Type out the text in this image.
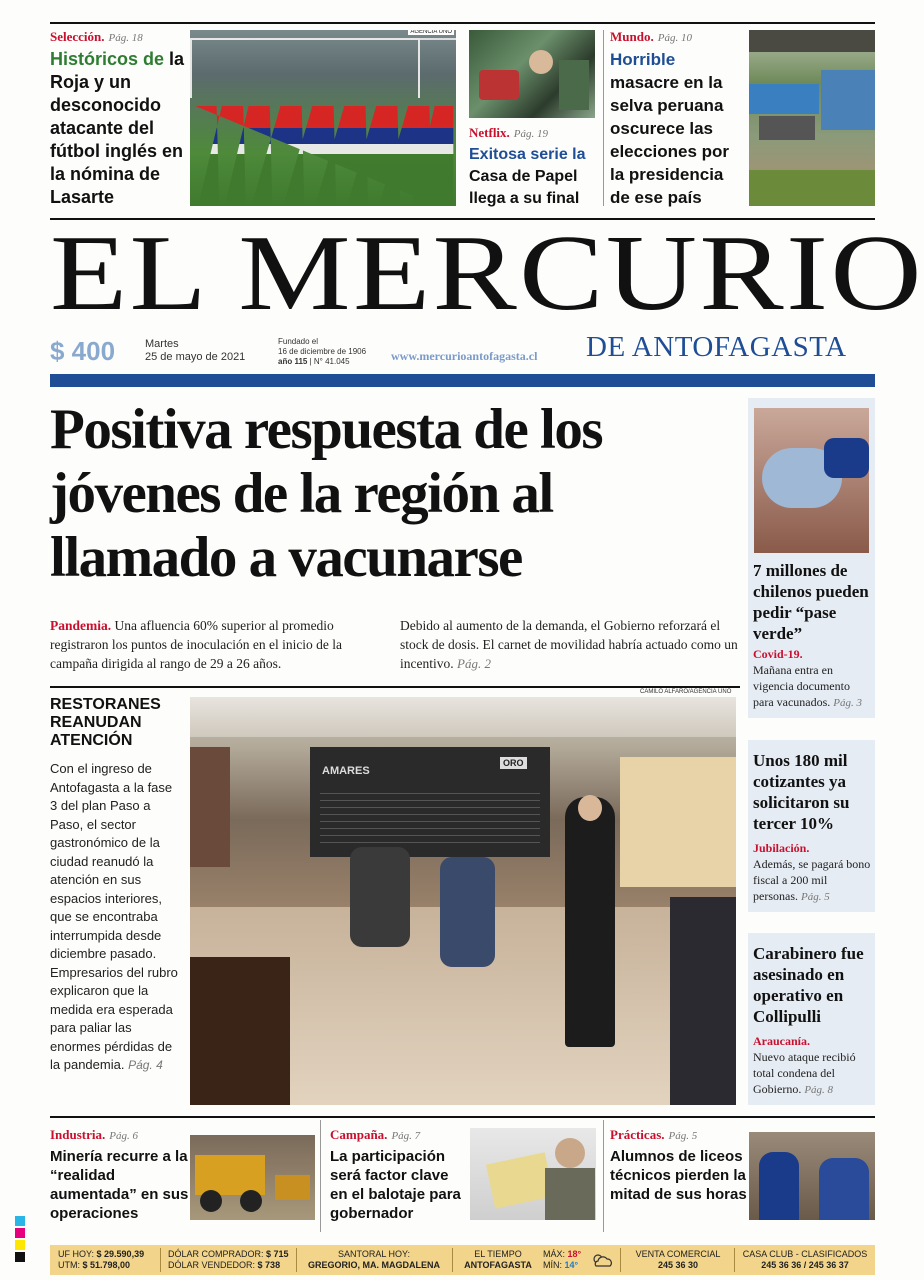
Selección. Pág. 18
Históricos de la Roja y un desconocido atacante del fútbol inglés en la nómina de Lasarte
AGENCIA UNO
Netflix. Pág. 19
Exitosa serie la Casa de Papel llega a su final
Mundo. Pág. 10
Horrible masacre en la selva peruana oscurece las elecciones por la presidencia de ese país
EL MERCURIO
$ 400	Martes
25 de mayo de 2021
Fundado el
16 de diciembre de 1906
año 115 | N° 41.045	www.mercurioantofagasta.cl DE ANTOFAGASTA
Positiva respuesta de los jóvenes de la región al llamado a vacunarse
Pandemia. Una afluencia 60% superior al promedio registraron los puntos de inoculación en el inicio de la campaña dirigida al rango de 29 a 26 años.
Debido al aumento de la demanda, el Gobierno reforzará el stock de dosis. El carnet de movilidad habría actuado como un incentivo. Pág. 2
RESTORANES REANUDAN ATENCIÓN
Con el ingreso de Antofagasta a la fase 3 del plan Paso a Paso, el sector gastronómico de la ciudad reanudó la atención en sus espacios interiores, que se encontraba interrumpida desde diciembre pasado. Empresarios del rubro explicaron que la medida era esperada para paliar las enormes pérdidas de la pandemia. Pág. 4
CAMILO ALFARO/AGENCIA UNO
AMARES
ORO
7 millones de chilenos pueden pedir “pase verde”
Covid-19.
Mañana entra en vigencia documento para vacunados. Pág. 3
Unos 180 mil cotizantes ya solicitaron su tercer 10%
Jubilación.
Además, se pagará bono fiscal a 200 mil personas. Pág. 5
Carabinero fue asesinado en operativo en Collipulli
Araucanía.
Nuevo ataque recibió total condena del Gobierno. Pág. 8
Industria. Pág. 6
Minería recurre a la “realidad aumentada” en sus operaciones
Campaña. Pág. 7
La participación será factor clave en el balotaje para gobernador
Prácticas. Pág. 5
Alumnos de liceos técnicos pierden la mitad de sus horas
UF HOY: $ 29.590,39
UTM: $ 51.798,00
DÓLAR COMPRADOR: $ 715
DÓLAR VENDEDOR: $ 738
SANTORAL HOY:
GREGORIO, MA. MAGDALENA
EL TIEMPO
ANTOFAGASTA
MÁX: 18°
MÍN: 14°
VENTA COMERCIAL
245 36 30
CASA CLUB - CLASIFICADOS
245 36 36 / 245 36 37
